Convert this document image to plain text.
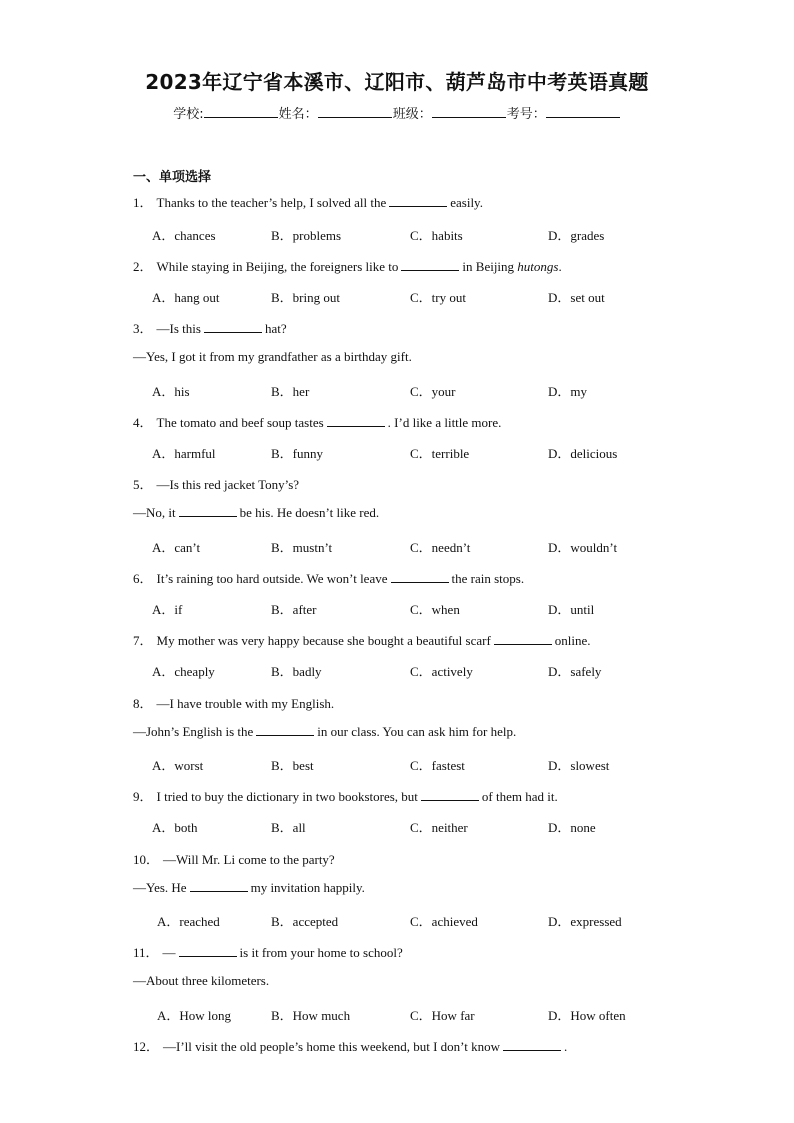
2023年辽宁省本溪市、辽阳市、葫芦岛市中考英语真题
学校:	姓名：	班级：	考号：
一、单项选择
1． Thanks to the teacher’s help, I solved all the	easily.
A．chances	B．problems	C．habits	D．grades
2． While staying in Beijing, the foreigners like to	in Beijing hutongs.
A．hang out	B．bring out	C．try out	D．set out
3． —Is this	hat?
—Yes, I got it from my grandfather as a birthday gift.
A．his	B．her	C．your	D．my
4． The tomato and beef soup tastes	. I’d like a little more.
A．harmful	B．funny	C．terrible	D．delicious
5． —Is this red jacket Tony’s?
—No, it	be his. He doesn’t like red.
A．can’t	B．mustn’t	C．needn’t	D．wouldn’t
6． It’s raining too hard outside. We won’t leave	the rain stops.
A．if	B．after	C．when	D．until
7． My mother was very happy because she bought a beautiful scarf	online.
A．cheaply	B．badly	C．actively	D．safely
8． —I have trouble with my English.
—John’s English is the	in our class. You can ask him for help.
A．worst	B．best	C．fastest	D．slowest
9． I tried to buy the dictionary in two bookstores, but	of them had it.
A．both	B．all	C．neither	D．none
10． —Will Mr. Li come to the party?
—Yes. He	my invitation happily.
A．reached	B．accepted	C．achieved	D．expressed
11． —	is it from your home to school?
—About three kilometers.
A．How long	B．How much	C．How far	D．How often
12． —I’ll visit the old people’s home this weekend, but I don’t know	.
